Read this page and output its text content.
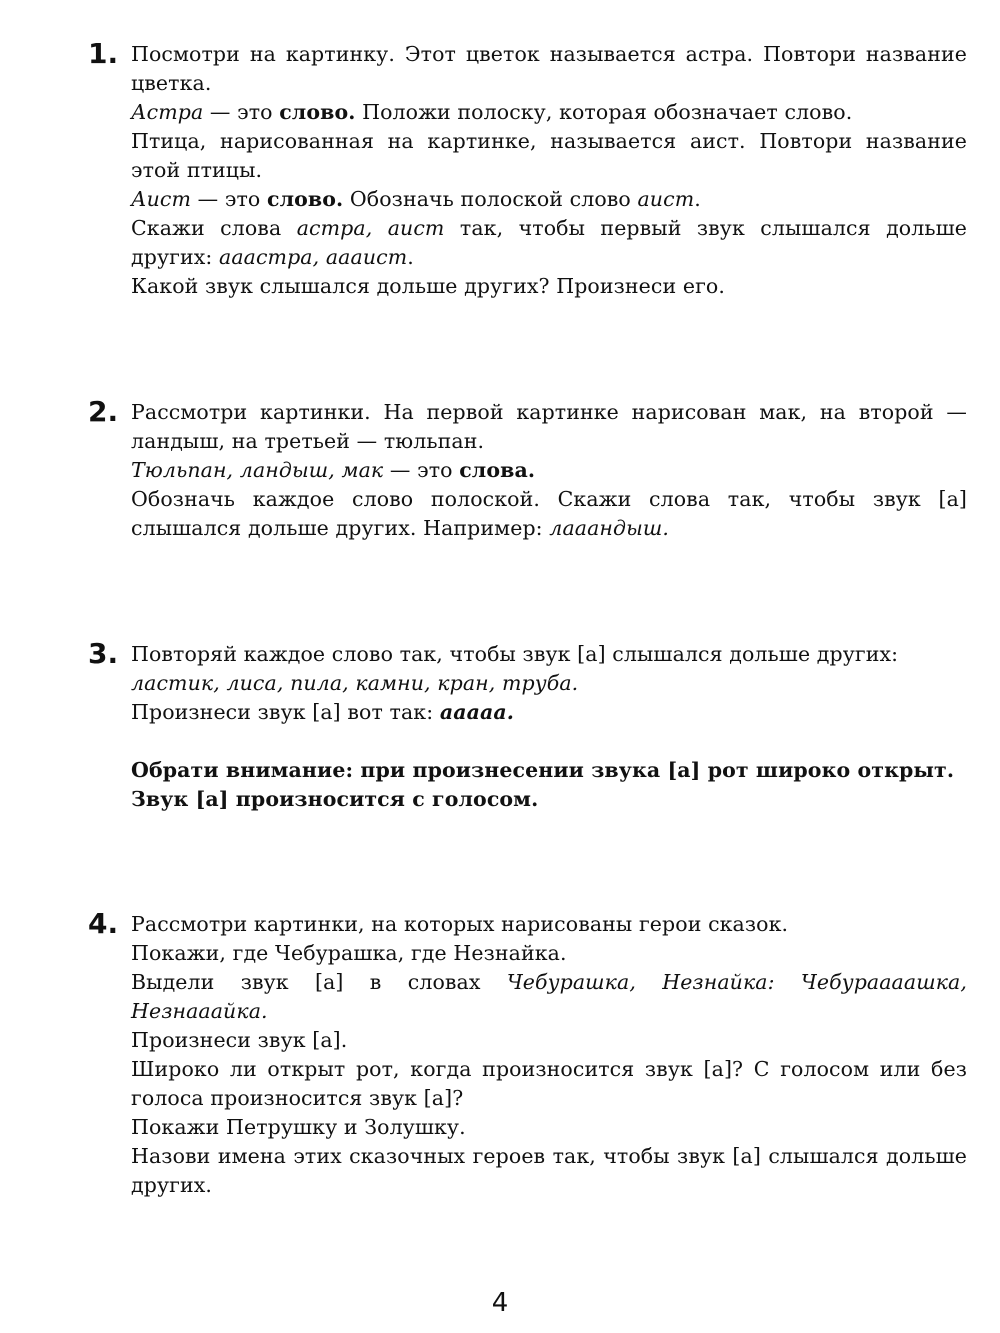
1. Посмотри на картинку. Этот цветок называется астра. Повтори название цветка.

Астра — это слово. Положи полоску, которая обозначает слово.

Птица, нарисованная на картинке, называется аист. Повтори название этой птицы.

Аист — это слово. Обозначь полоской слово аист.

Скажи слова астра, аист так, чтобы первый звук слышался дольше других: ааастра, аааист.

Какой звук слышался дольше других? Произнеси его.

2. Рассмотри картинки. На первой картинке нарисован мак, на второй — ландыш, на третьей — тюльпан.

Тюльпан, ландыш, мак — это слова.

Обозначь каждое слово полоской. Скажи слова так, чтобы звук [а] слышался дольше других. Например: лааандыш.

3. Повторяй каждое слово так, чтобы звук [а] слышался дольше других:

ластик, лиса, пила, камни, кран, труба.

Произнеси звук [а] вот так: ааааа.

Обрати внимание: при произнесении звука [а] рот широко открыт.

Звук [а] произносится с голосом.

4. Рассмотри картинки, на которых нарисованы герои сказок.

Покажи, где Чебурашка, где Незнайка.

Выдели звук [а] в словах Чебурашка, Незнайка: Чебураааашка, Незнааайка.

Произнеси звук [а].

Широко ли открыт рот, когда произносится звук [а]? С голосом или без голоса произносится звук [а]?

Покажи Петрушку и Золушку.

Назови имена этих сказочных героев так, чтобы звук [а] слышался дольше других.

4
